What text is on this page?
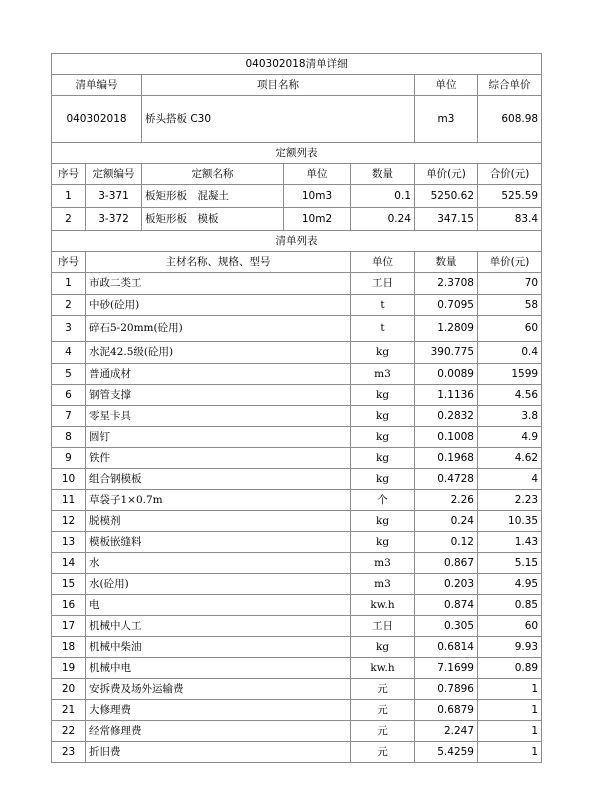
040302018清单详细							
清单编号		项目名称			单位	综合单价	
040302018		桥头搭板 C30			m3	608.98	
定额列表							
序号	定额编号	定额名称	单位	数量	单价(元)	合价(元)	
1	3-371	板矩形板　混凝土	10m3	0.1	5250.62	525.59	
2	3-372	板矩形板　模板	10m2	0.24	347.15	83.4	
清单列表							
序号	主材名称、规格、型号			单位	数量	单价(元)	
1	市政二类工			工日	2.3708	70	
2	中砂(砼用)			t	0.7095	58	
3	碎石5-20mm(砼用)			t	1.2809	60	
4	水泥42.5级(砼用)			kg	390.775	0.4	
5	普通成材			m3	0.0089	1599	
6	钢管支撑			kg	1.1136	4.56	
7	零星卡具			kg	0.2832	3.8	
8	圆钉			kg	0.1008	4.9	
9	铁件			kg	0.1968	4.62	
10	组合钢模板			kg	0.4728	4	
11	草袋子1×0.7m			个	2.26	2.23	
12	脱模剂			kg	0.24	10.35	
13	模板嵌缝料			kg	0.12	1.43	
14	水			m3	0.867	5.15	
15	水(砼用)			m3	0.203	4.95	
16	电			kw.h	0.874	0.85	
17	机械中人工			工日	0.305	60	
18	机械中柴油			kg	0.6814	9.93	
19	机械中电			kw.h	7.1699	0.89	
20	安拆费及场外运输费			元	0.7896	1	
21	大修理费			元	0.6879	1	
22	经常修理费			元	2.247	1	
23	折旧费			元	5.4259	1	
